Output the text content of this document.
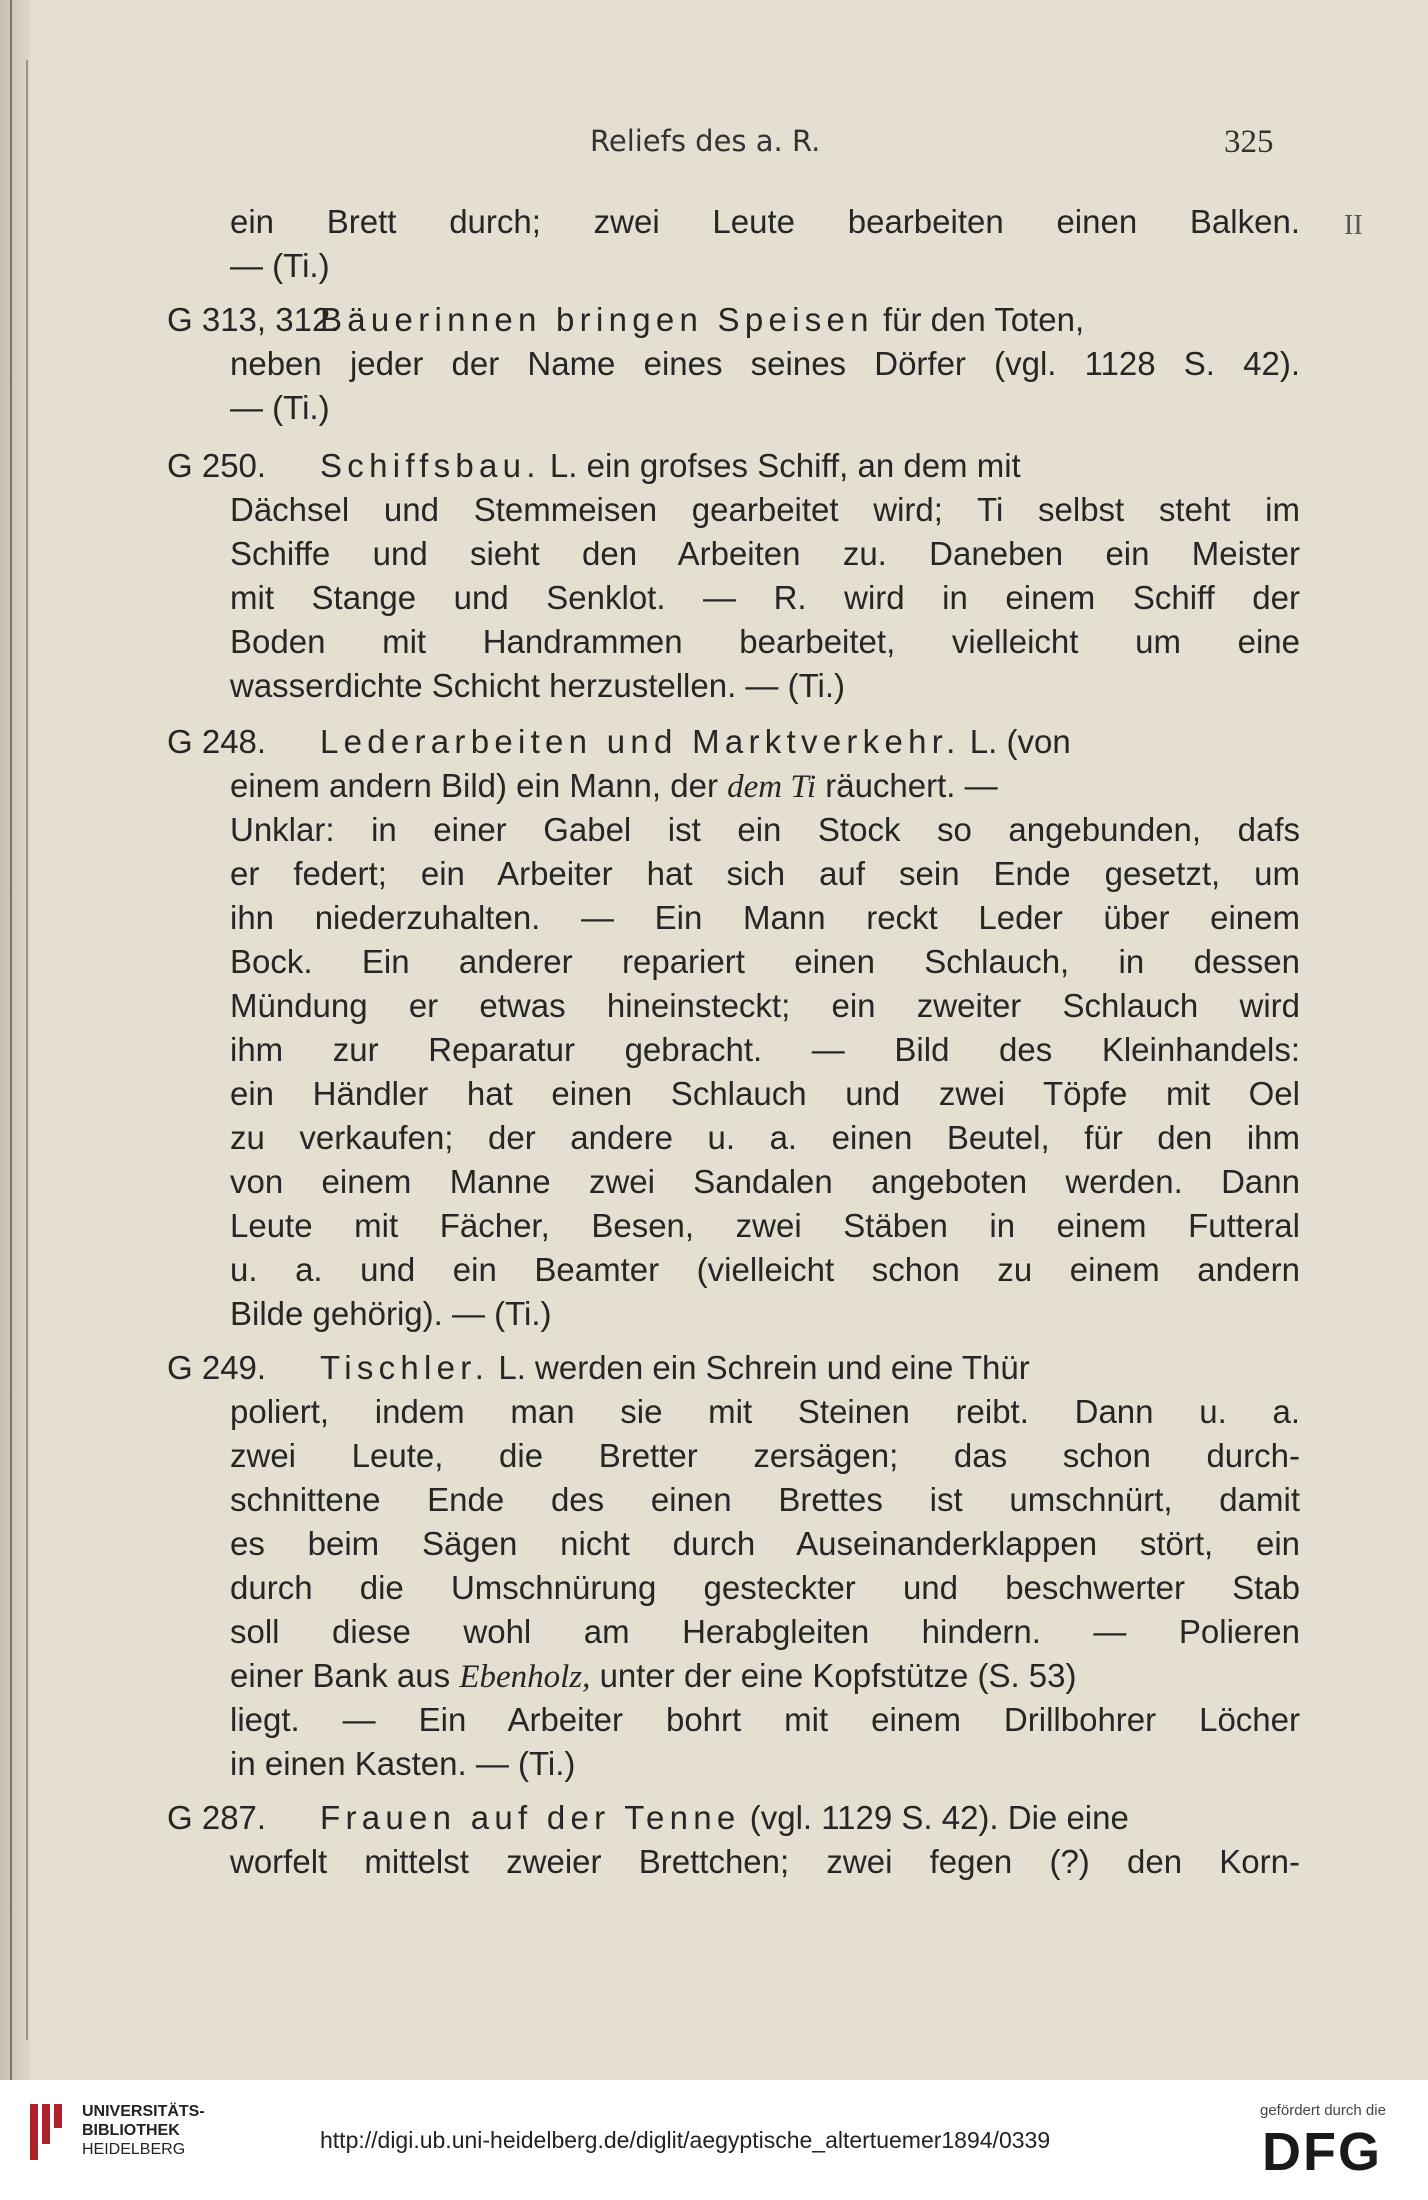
Reliefs des a. R.	325
II
ein Brett durch; zwei Leute bearbeiten einen Balken.
— (Ti.)
G 313, 312.
Bäuerinnen bringen Speisen für den Toten,
neben jeder der Name eines seines Dörfer (vgl. 1128 S. 42).
— (Ti.)
G 250. Schiffsbau. L. ein grofses Schiff, an dem mit
Dächsel und Stemmeisen gearbeitet wird; Ti selbst steht im
Schiffe und sieht den Arbeiten zu. Daneben ein Meister
mit Stange und Senklot. — R. wird in einem Schiff der
Boden mit Handrammen bearbeitet, vielleicht um eine
wasserdichte Schicht herzustellen. — (Ti.)
G 248. Lederarbeiten und Marktverkehr. L. (von
einem andern Bild) ein Mann, der dem Ti räuchert. —
Unklar: in einer Gabel ist ein Stock so angebunden, dafs
er federt; ein Arbeiter hat sich auf sein Ende gesetzt, um
ihn niederzuhalten. — Ein Mann reckt Leder über einem
Bock. Ein anderer repariert einen Schlauch, in dessen
Mündung er etwas hineinsteckt; ein zweiter Schlauch wird
ihm zur Reparatur gebracht. — Bild des Kleinhandels:
ein Händler hat einen Schlauch und zwei Töpfe mit Oel
zu verkaufen; der andere u. a. einen Beutel, für den ihm
von einem Manne zwei Sandalen angeboten werden. Dann
Leute mit Fächer, Besen, zwei Stäben in einem Futteral
u. a. und ein Beamter (vielleicht schon zu einem andern
Bilde gehörig). — (Ti.)
G 249. Tischler. L. werden ein Schrein und eine Thür
poliert, indem man sie mit Steinen reibt. Dann u. a.
zwei Leute, die Bretter zersägen; das schon durch-
schnittene Ende des einen Brettes ist umschnürt, damit
es beim Sägen nicht durch Auseinanderklappen stört, ein
durch die Umschnürung gesteckter und beschwerter Stab
soll diese wohl am Herabgleiten hindern. — Polieren
einer Bank aus Ebenholz, unter der eine Kopfstütze (S. 53)
liegt. — Ein Arbeiter bohrt mit einem Drillbohrer Löcher
in einen Kasten. — (Ti.)
G 287. Frauen auf der Tenne (vgl. 1129 S. 42). Die eine
worfelt mittelst zweier Brettchen; zwei fegen (?) den Korn-
UNIVERSITÄTS-
BIBLIOTHEK
HEIDELBERG	http://digi.ub.uni-heidelberg.de/diglit/aegyptische_altertuemer1894/0339
gefördert durch die
DFG
